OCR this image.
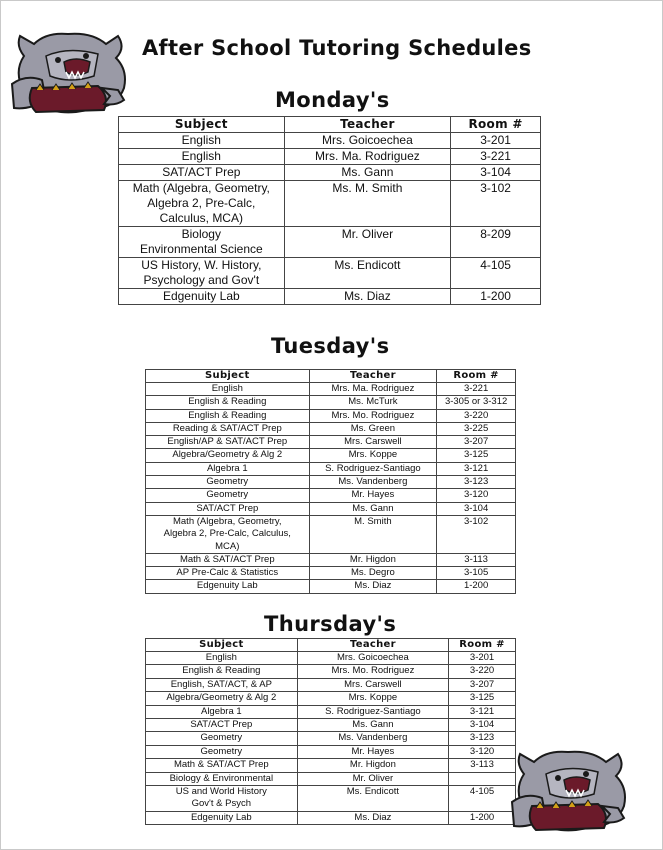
After School Tutoring Schedules
Monday's
Subject	Teacher	Room #
English	Mrs. Goicoechea	3-201
English	Mrs. Ma. Rodriguez	3-221
SAT/ACT Prep	Ms. Gann	3-104
Math (Algebra, Geometry,
Algebra 2, Pre-Calc,
Calculus, MCA)	Ms. M. Smith	3-102
Biology
Environmental Science	Mr. Oliver	8-209
US History, W. History,
Psychology and Gov't	Ms. Endicott	4-105
Edgenuity Lab	Ms. Diaz	1-200
Tuesday's
Subject	Teacher	Room #
English	Mrs. Ma. Rodriguez	3-221
English & Reading	Ms. McTurk	3-305 or 3-312
English & Reading	Mrs. Mo. Rodriguez	3-220
Reading & SAT/ACT Prep	Ms. Green	3-225
English/AP & SAT/ACT Prep	Mrs. Carswell	3-207
Algebra/Geometry & Alg 2	Mrs. Koppe	3-125
Algebra 1	S. Rodriguez-Santiago	3-121
Geometry	Ms. Vandenberg	3-123
Geometry	Mr. Hayes	3-120
SAT/ACT Prep	Ms. Gann	3-104
Math (Algebra, Geometry,
Algebra 2, Pre-Calc, Calculus,
MCA)	M. Smith	3-102
Math & SAT/ACT Prep	Mr. Higdon	3-113
AP Pre-Calc & Statistics	Ms. Degro	3-105
Edgenuity Lab	Ms. Diaz	1-200
Thursday's
Subject	Teacher	Room #
English	Mrs. Goicoechea	3-201
English & Reading	Mrs. Mo. Rodriguez	3-220
English, SAT/ACT, & AP	Mrs. Carswell	3-207
Algebra/Geometry & Alg 2	Mrs. Koppe	3-125
Algebra 1	S. Rodriguez-Santiago	3-121
SAT/ACT Prep	Ms. Gann	3-104
Geometry	Ms. Vandenberg	3-123
Geometry	Mr. Hayes	3-120
Math & SAT/ACT Prep	Mr. Higdon	3-113
Biology & Environmental	Mr. Oliver	
US and World History
Gov't & Psych	Ms. Endicott	4-105
Edgenuity Lab	Ms. Diaz	1-200
